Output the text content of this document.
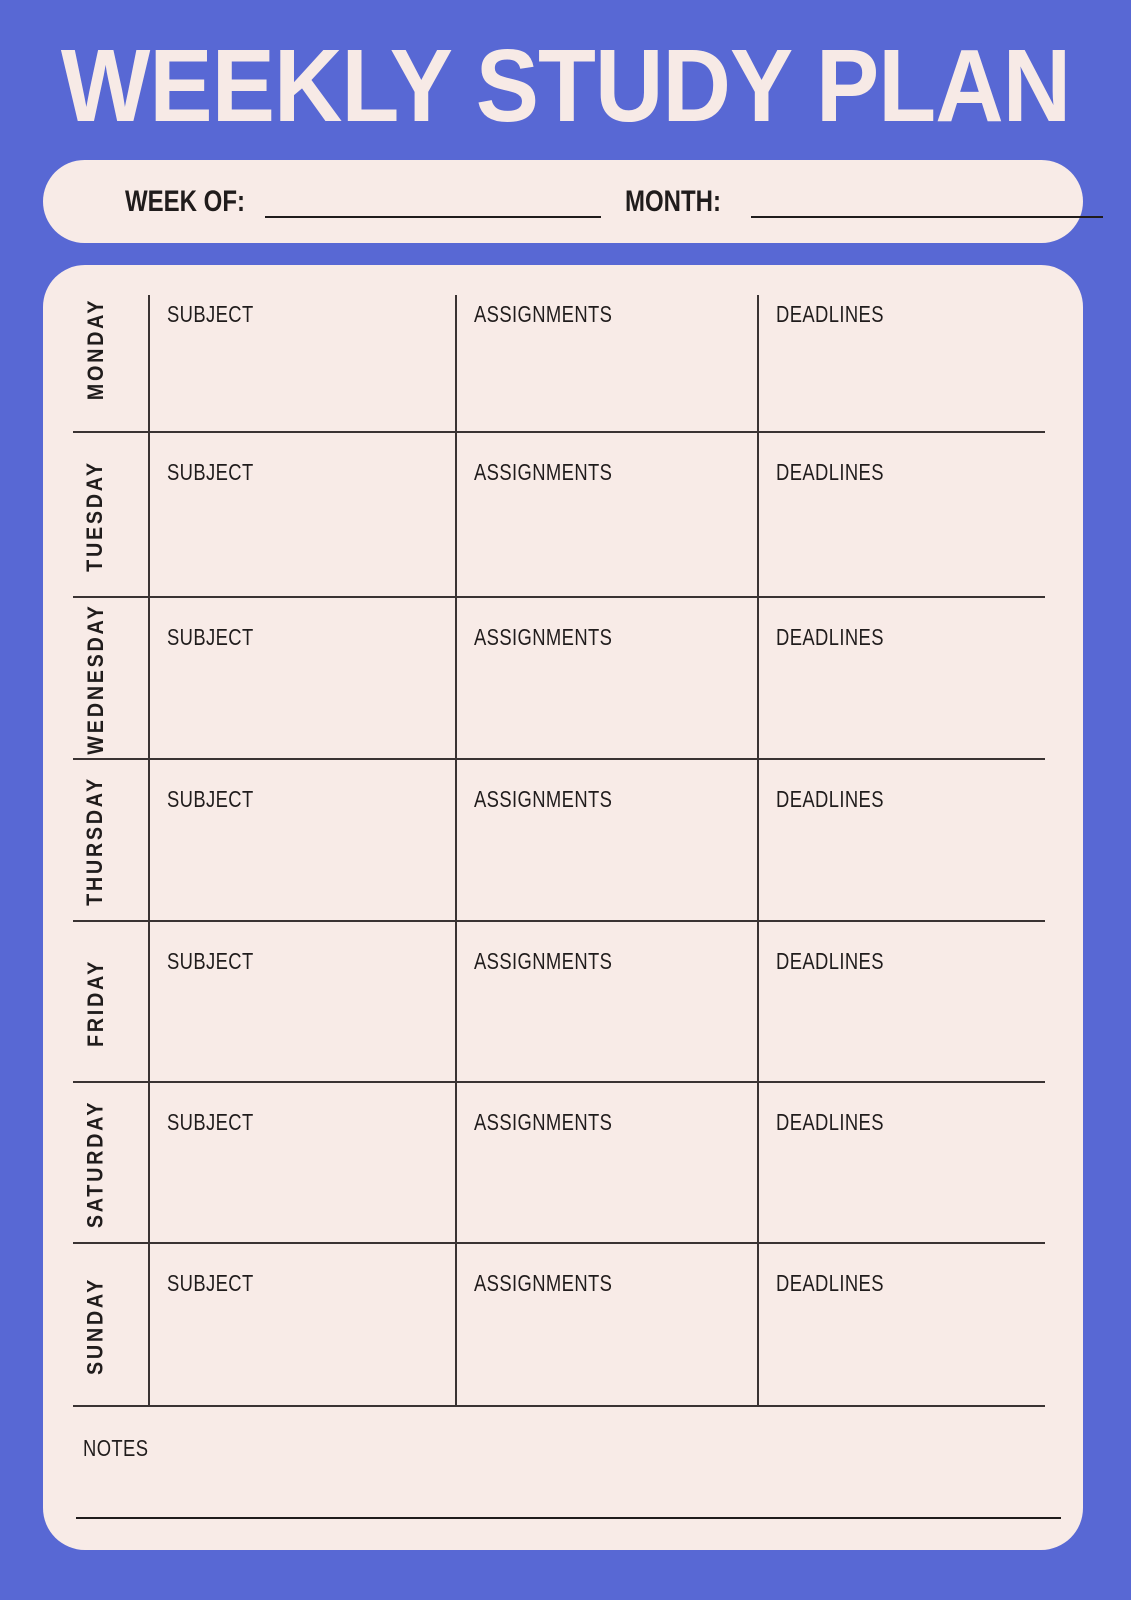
WEEKLY STUDY PLAN
WEEK OF:	MONTH:
MONDAY	SUBJECT	ASSIGNMENTS	DEADLINES
TUESDAY	SUBJECT	ASSIGNMENTS	DEADLINES
WEDNESDAY	SUBJECT	ASSIGNMENTS	DEADLINES
THURSDAY	SUBJECT	ASSIGNMENTS	DEADLINES
FRIDAY	SUBJECT	ASSIGNMENTS	DEADLINES
SATURDAY	SUBJECT	ASSIGNMENTS	DEADLINES
SUNDAY	SUBJECT	ASSIGNMENTS	DEADLINES
NOTES
